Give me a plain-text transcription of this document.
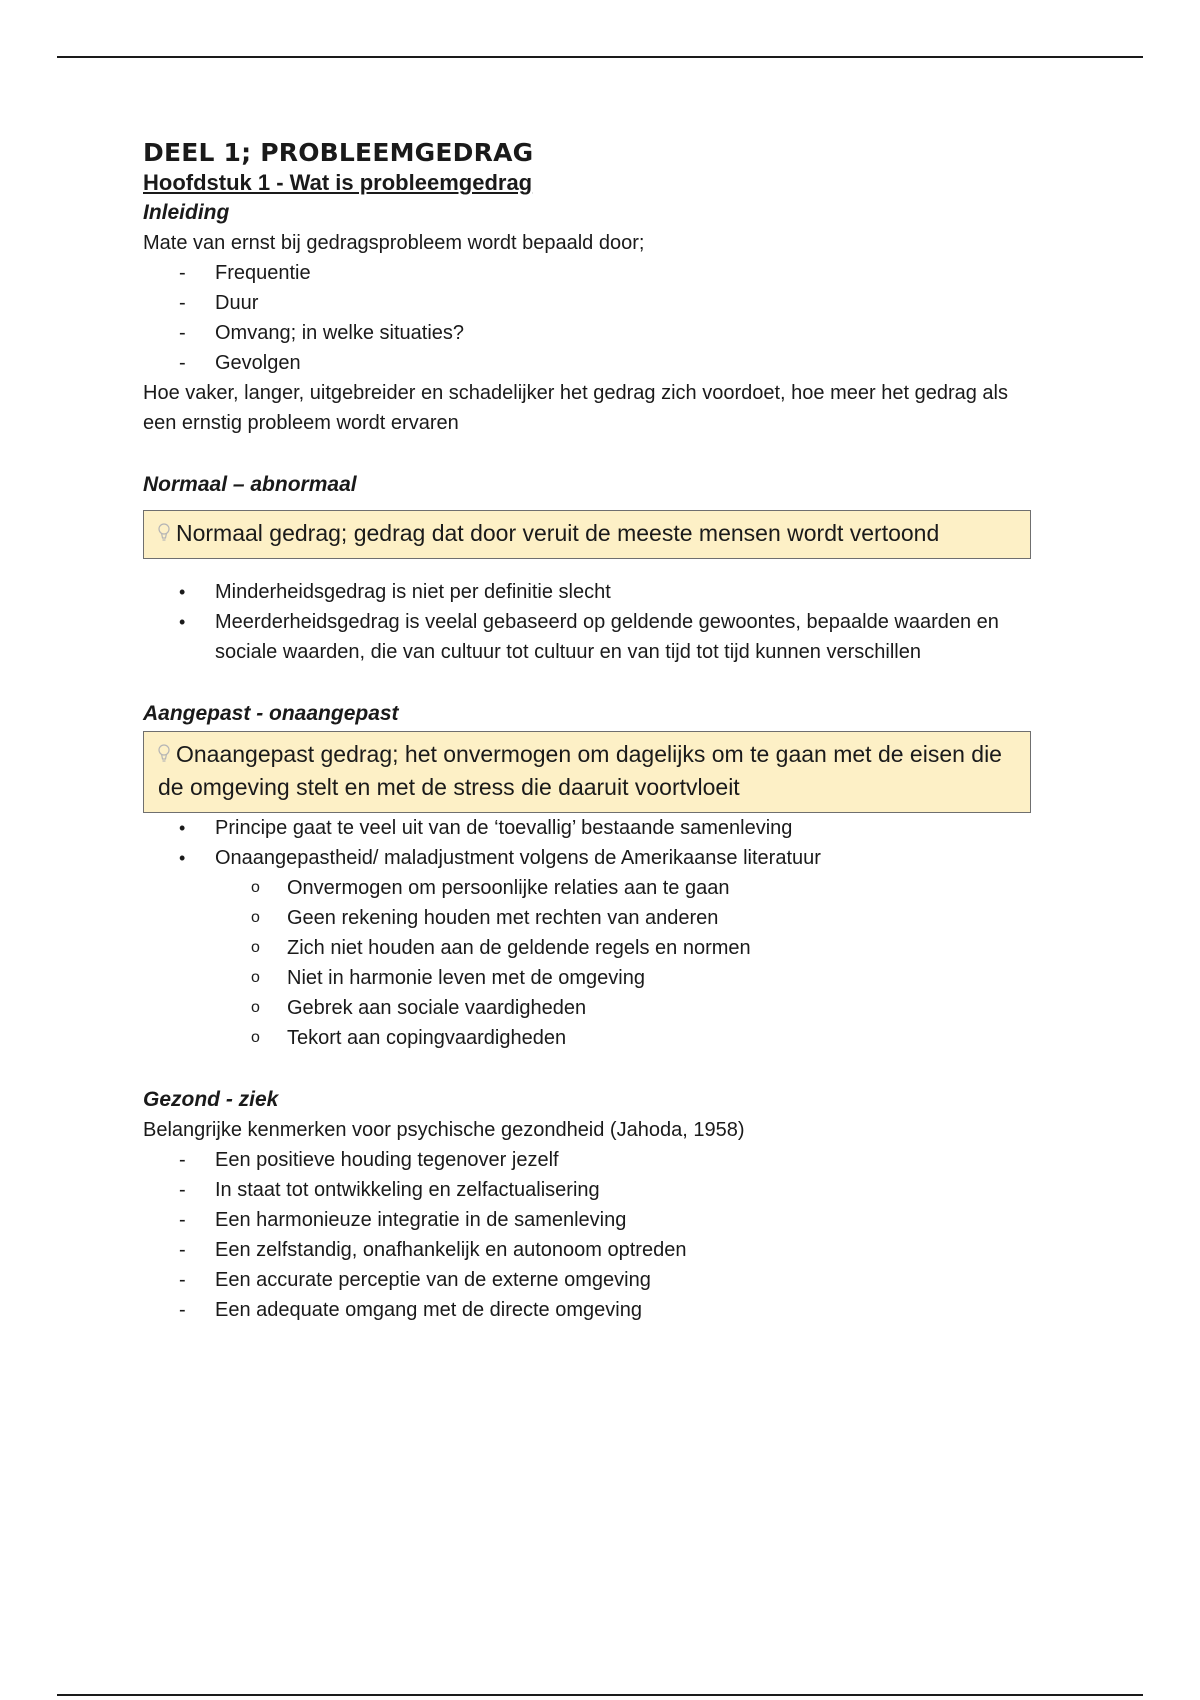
DEEL 1; PROBLEEMGEDRAG
Hoofdstuk 1 - Wat is probleemgedrag
Inleiding

Mate van ernst bij gedragsprobleem wordt bepaald door;

- Frequentie
- Duur
- Omvang; in welke situaties?
- Gevolgen

Hoe vaker, langer, uitgebreider en schadelijker het gedrag zich voordoet, hoe meer het gedrag als een ernstig probleem wordt ervaren

Normaal – abnormaal
Normaal gedrag; gedrag dat door veruit de meeste mensen wordt vertoond
• Minderheidsgedrag is niet per definitie slecht
• Meerderheidsgedrag is veelal gebaseerd op geldende gewoontes, bepaalde waarden en sociale waarden, die van cultuur tot cultuur en van tijd tot tijd kunnen verschillen
Aangepast - onaangepast
Onaangepast gedrag; het onvermogen om dagelijks om te gaan met de eisen die de omgeving stelt en met de stress die daaruit voortvloeit
• Principe gaat te veel uit van de ‘toevallig’ bestaande samenleving
• Onaangepastheid/ maladjustment volgens de Amerikaanse literatuur
o Onvermogen om persoonlijke relaties aan te gaan
o Geen rekening houden met rechten van anderen
o Zich niet houden aan de geldende regels en normen
o Niet in harmonie leven met de omgeving
o Gebrek aan sociale vaardigheden
o Tekort aan copingvaardigheden
Gezond - ziek

Belangrijke kenmerken voor psychische gezondheid (Jahoda, 1958)

- Een positieve houding tegenover jezelf
- In staat tot ontwikkeling en zelfactualisering
- Een harmonieuze integratie in de samenleving
- Een zelfstandig, onafhankelijk en autonoom optreden
- Een accurate perceptie van de externe omgeving
- Een adequate omgang met de directe omgeving
